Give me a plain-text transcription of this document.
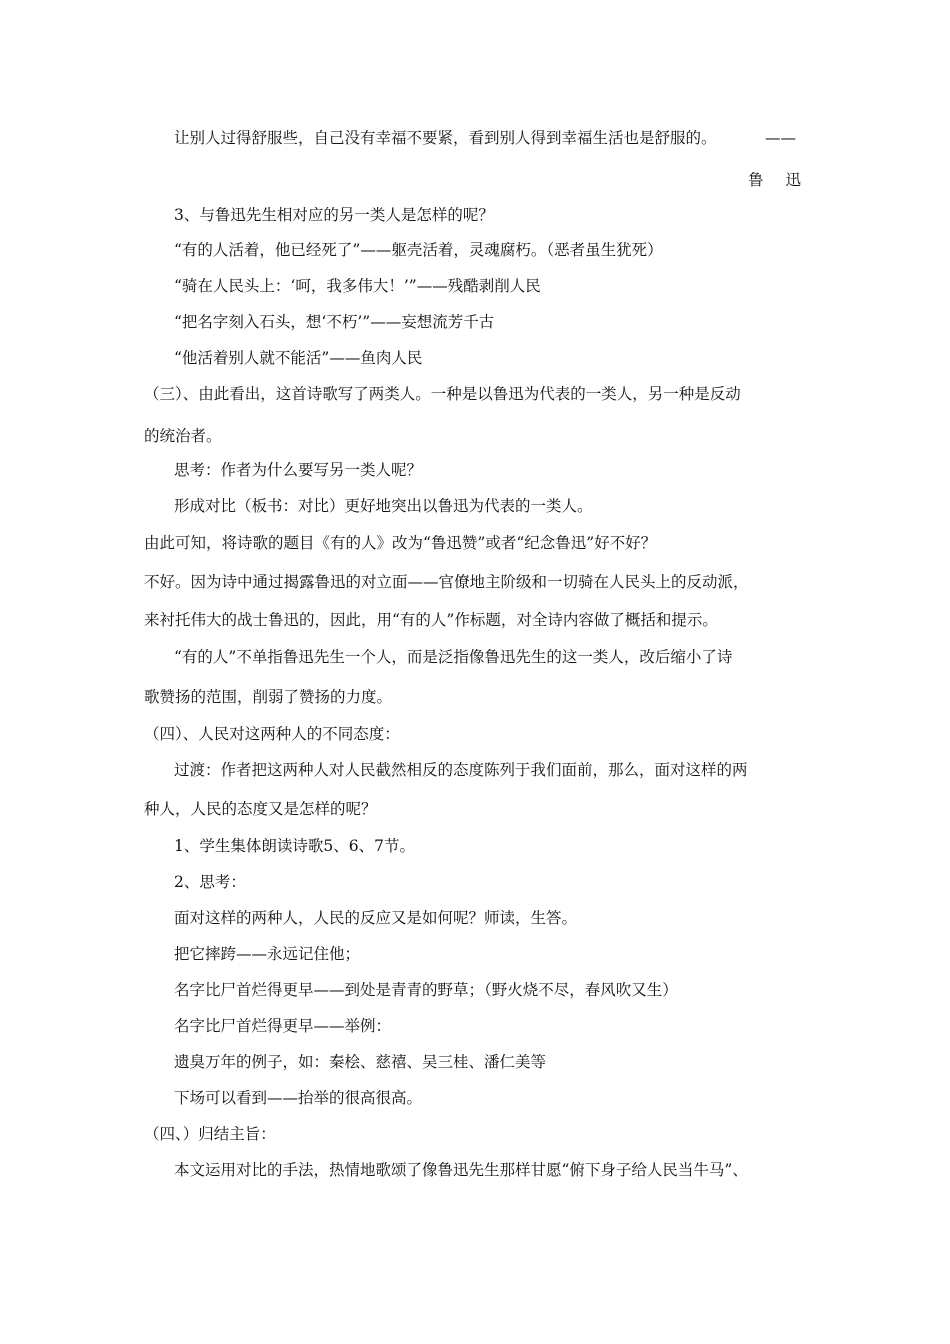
让别人过得舒服些，自己没有幸福不要紧，看到别人得到幸福生活也是舒服的。	——
鲁迅
3、与鲁迅先生相对应的另一类人是怎样的呢？
“有的人活着，他已经死了”——躯壳活着，灵魂腐朽。（恶者虽生犹死）
“骑在人民头上：‘呵，我多伟大！’”——残酷剥削人民
“把名字刻入石头，想‘不朽’”——妄想流芳千古
“他活着别人就不能活”——鱼肉人民
（三）、由此看出，这首诗歌写了两类人。一种是以鲁迅为代表的一类人，另一种是反动
的统治者。
思考：作者为什么要写另一类人呢？
形成对比（板书：对比）更好地突出以鲁迅为代表的一类人。
由此可知，将诗歌的题目《有的人》改为“鲁迅赞”或者“纪念鲁迅”好不好？
不好。因为诗中通过揭露鲁迅的对立面——官僚地主阶级和一切骑在人民头上的反动派，
来衬托伟大的战士鲁迅的，因此，用“有的人”作标题，对全诗内容做了概括和提示。
“有的人”不单指鲁迅先生一个人，而是泛指像鲁迅先生的这一类人，改后缩小了诗
歌赞扬的范围，削弱了赞扬的力度。
（四）、人民对这两种人的不同态度：
过渡：作者把这两种人对人民截然相反的态度陈列于我们面前，那么，面对这样的两
种人，人民的态度又是怎样的呢？
1、学生集体朗读诗歌5、6、7节。
2、思考：
面对这样的两种人，人民的反应又是如何呢？师读，生答。
把它摔跨——永远记住他；
名字比尸首烂得更早——到处是青青的野草；（野火烧不尽，春风吹又生）
名字比尸首烂得更早——举例：
遗臭万年的例子，如：秦桧、慈禧、吴三桂、潘仁美等
下场可以看到——抬举的很高很高。
（四、）归结主旨：
本文运用对比的手法，热情地歌颂了像鲁迅先生那样甘愿“俯下身子给人民当牛马”、
